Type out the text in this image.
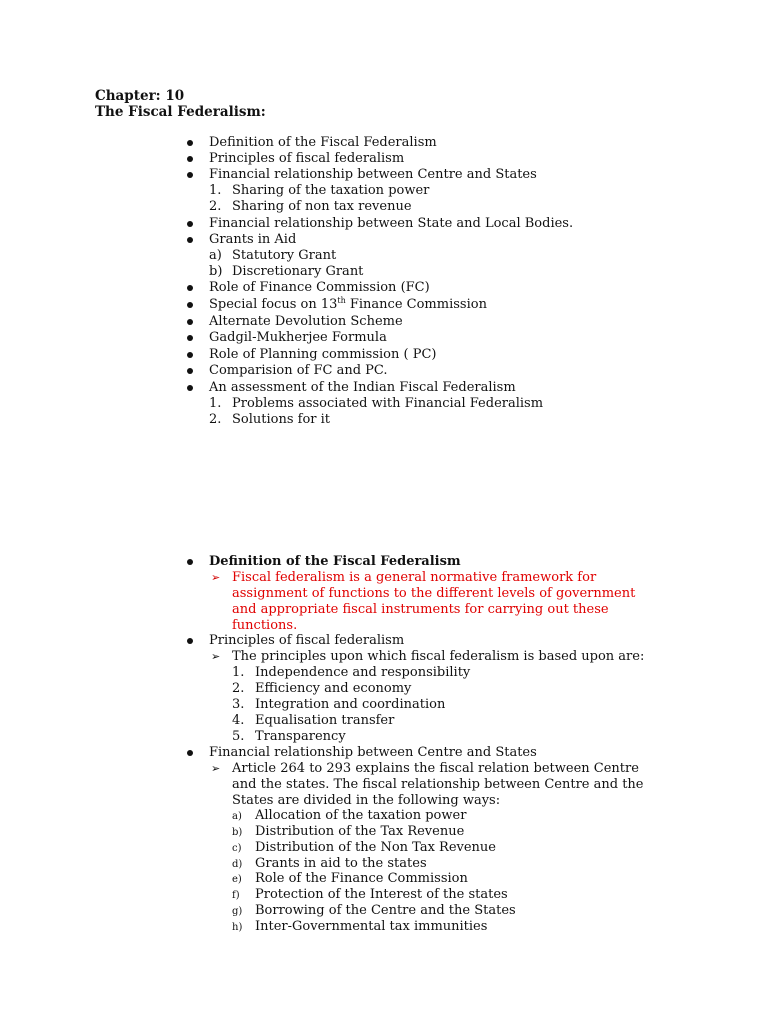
Chapter: 10
The Fiscal Federalism:
Definition of the Fiscal Federalism
Principles of fiscal federalism
Financial relationship between Centre and States
1. Sharing of the taxation power
2. Sharing of non tax revenue
Financial relationship between State and Local Bodies.
Grants in Aid
a) Statutory Grant
b) Discretionary Grant
Role of Finance Commission (FC)
Special focus on 13th Finance Commission
Alternate Devolution Scheme
Gadgil-Mukherjee Formula
Role of Planning commission ( PC)
Comparision of FC and PC.
An assessment of the Indian Fiscal Federalism
1. Problems associated with Financial Federalism
2. Solutions for it
Definition of the Fiscal Federalism
➢ Fiscal federalism is a general normative framework for
assignment of functions to the different levels of government
and appropriate fiscal instruments for carrying out these
functions.
Principles of fiscal federalism
➢ The principles upon which fiscal federalism is based upon are:
1. Independence and responsibility
2. Efficiency and economy
3. Integration and coordination
4. Equalisation transfer
5. Transparency
Financial relationship between Centre and States
➢ Article 264 to 293 explains the fiscal relation between Centre
and the states. The fiscal relationship between Centre and the
States are divided in the following ways:
a) Allocation of the taxation power
b) Distribution of the Tax Revenue
c) Distribution of the Non Tax Revenue
d) Grants in aid to the states
e) Role of the Finance Commission
f) Protection of the Interest of the states
g) Borrowing of the Centre and the States
h) Inter-Governmental tax immunities
